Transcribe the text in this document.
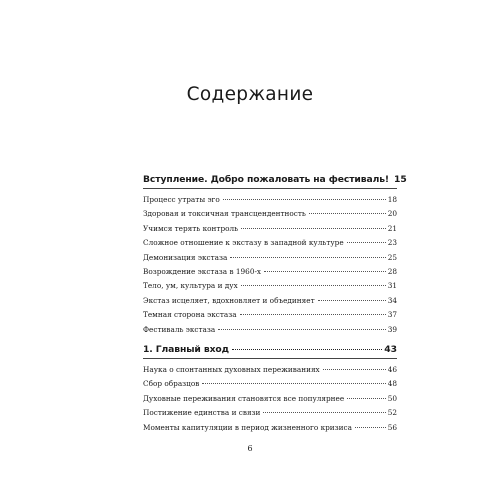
Содержание
Вступление. Добро пожаловать на фестиваль! 15
Процесс утраты эго	18
Здоровая и токсичная трансцендентность	20
Учимся терять контроль	21
Сложное отношение к экстазу в западной культуре	23
Демонизация экстаза	25
Возрождение экстаза в 1960-х	28
Тело, ум, культура и дух	31
Экстаз исцеляет, вдохновляет и объединяет	34
Темная сторона экстаза	37
Фестиваль экстаза	39
1. Главный вход	43
Наука о спонтанных духовных переживаниях	46
Сбор образцов	48
Духовные переживания становятся все популярнее	50
Постижение единства и связи	52
Моменты капитуляции в период жизненного кризиса	56
6
